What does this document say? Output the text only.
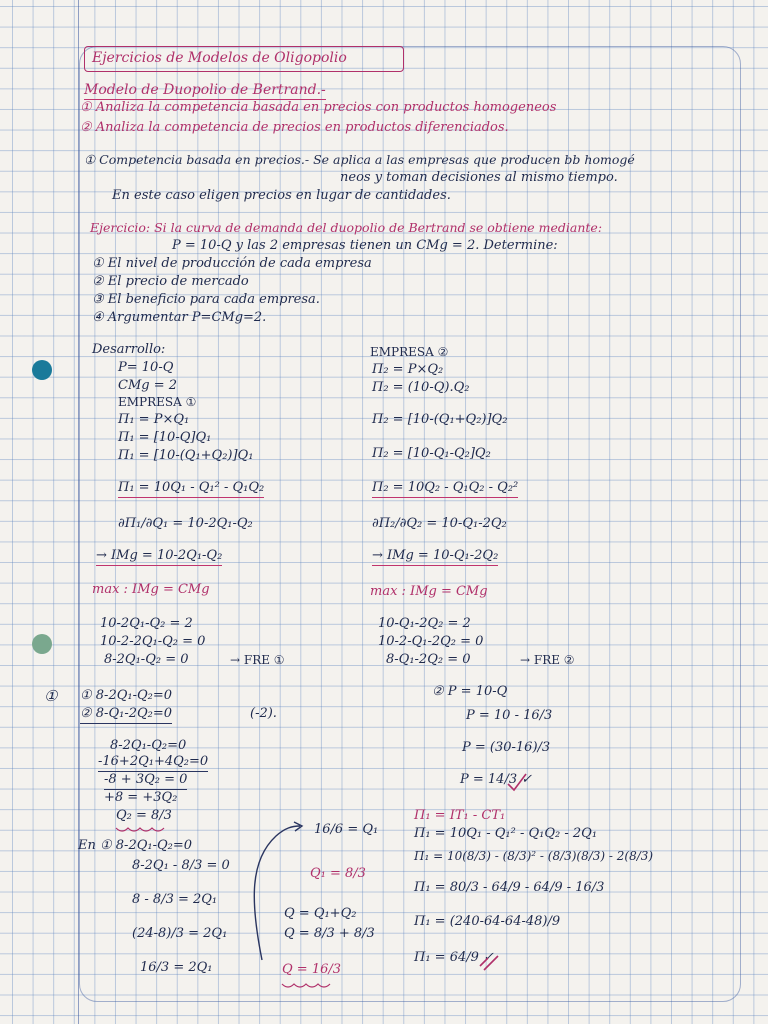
Ejercicios de Modelos de Oligopolio
Modelo de Duopolio de Bertrand.-
① Analiza la competencia basada en precios con productos homogeneos
② Analiza la competencia de precios en productos diferenciados.
① Competencia basada en precios.- Se aplica a las empresas que producen bb homogé
neos y toman decisiones al mismo tiempo.
En este caso eligen precios en lugar de cantidades.
Ejercicio: Si la curva de demanda del duopolio de Bertrand se obtiene mediante:
P = 10-Q y las 2 empresas tienen un CMg = 2. Determine:
① El nivel de producción de cada empresa
② El precio de mercado
③ El beneficio para cada empresa.
④ Argumentar P=CMg=2.
Desarrollo:
P= 10-Q
CMg = 2
EMPRESA ①
Π₁ = P×Q₁
Π₁ = [10-Q]Q₁
Π₁ = [10-(Q₁+Q₂)]Q₁
Π₁ = 10Q₁ - Q₁² - Q₁Q₂
∂Π₁/∂Q₁ = 10-2Q₁-Q₂
→ IMg = 10-2Q₁-Q₂
max : IMg = CMg
10-2Q₁-Q₂ = 2
10-2-2Q₁-Q₂ = 0
8-2Q₁-Q₂ = 0	→ FRE ①
EMPRESA ②
Π₂ = P×Q₂
Π₂ = (10-Q).Q₂
Π₂ = [10-(Q₁+Q₂)]Q₂
Π₂ = [10-Q₁-Q₂]Q₂
Π₂ = 10Q₂ - Q₁Q₂ - Q₂²
∂Π₂/∂Q₂ = 10-Q₁-2Q₂
→ IMg = 10-Q₁-2Q₂
max : IMg = CMg
10-Q₁-2Q₂ = 2
10-2-Q₁-2Q₂ = 0
8-Q₁-2Q₂ = 0	→ FRE ②
① ① 8-2Q₁-Q₂=0
② 8-Q₁-2Q₂=0	(-2).
8-2Q₁-Q₂=0
-16+2Q₁+4Q₂=0
-8 + 3Q₂ = 0
+8 = +3Q₂
Q₂ = 8/3
En ① 8-2Q₁-Q₂=0
8-2Q₁ - 8/3 = 0
8 - 8/3 = 2Q₁
(24-8)/3 = 2Q₁
16/3 = 2Q₁
16/6 = Q₁
Q₁ = 8/3
Q = Q₁+Q₂
Q = 8/3 + 8/3
Q = 16/3
② P = 10-Q
P = 10 - 16/3
P = (30-16)/3
P = 14/3 ✓
Π₁ = IT₁ - CT₁
Π₁ = 10Q₁ - Q₁² - Q₁Q₂ - 2Q₁
Π₁ = 10(8/3) - (8/3)² - (8/3)(8/3) - 2(8/3)
Π₁ = 80/3 - 64/9 - 64/9 - 16/3
Π₁ = (240-64-64-48)/9
Π₁ = 64/9 ✓
